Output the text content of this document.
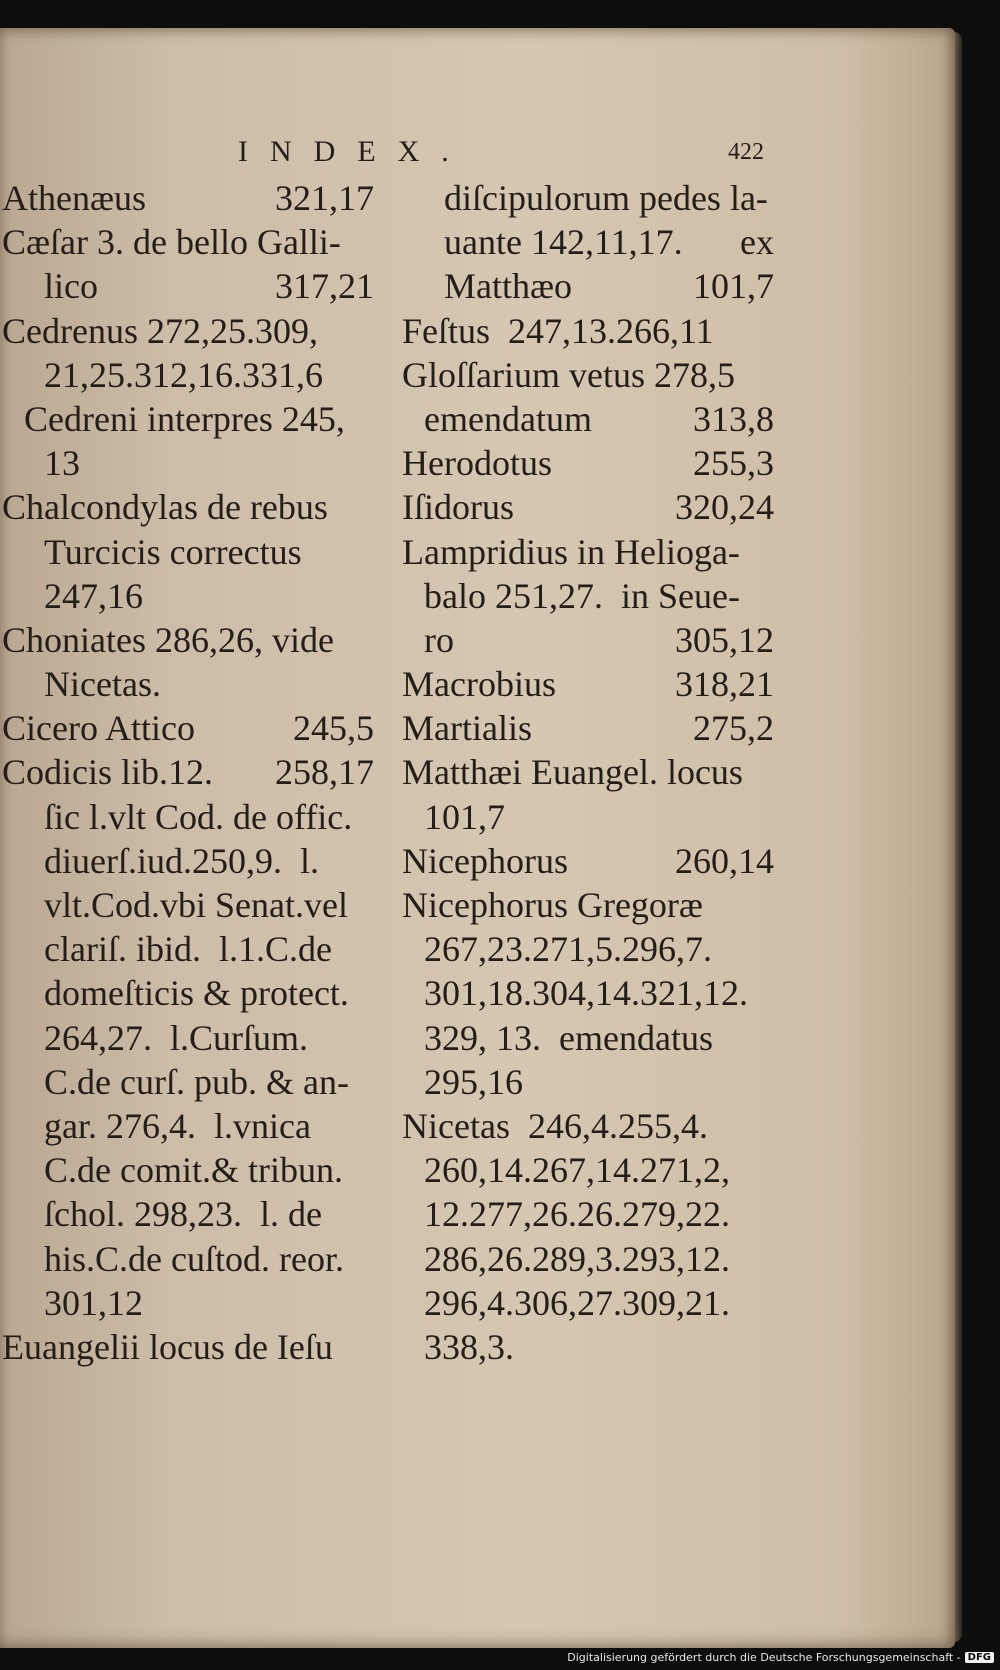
INDEX.	422
Athenæus	321,17
Cæſar 3. de bello Galli-
lico	317,21
Cedrenus 272,25.309,
21,25.312,16.331,6
Cedreni interpres 245,
13
Chalcondylas de rebus
Turcicis correctus
247,16
Choniates 286,26, vide
Nicetas.
Cicero Attico	245,5
Codicis lib.12. 258,17
ſic l.vlt Cod. de offic.
diuerſ.iud.250,9.  l.
vlt.Cod.vbi Senat.vel
clariſ. ibid.  l.1.C.de
domeſticis & protect.
264,27.  l.Curſum.
C.de curſ. pub. & an-
gar. 276,4.  l.vnica
C.de comit.& tribun.
ſchol. 298,23.  l. de
his.C.de cuſtod. reor.
301,12
Euangelii locus de Ieſu
diſcipulorum pedes la-
uante 142,11,17. ex
Matthæo	101,7
Feſtus  247,13.266,11
Gloſſarium vetus 278,5
emendatum	313,8
Herodotus	255,3
Iſidorus	320,24
Lampridius in Helioga-
balo 251,27.  in Seue-
ro	305,12
Macrobius	318,21
Martialis	275,2
Matthæi Euangel. locus
101,7
Nicephorus	260,14
Nicephorus Gregoræ
267,23.271,5.296,7.
301,18.304,14.321,12.
329, 13.  emendatus
295,16
Nicetas  246,4.255,4.
260,14.267,14.271,2,
12.277,26.26.279,22.
286,26.289,3.293,12.
296,4.306,27.309,21.
338,3.
Digitalisierung gefördert durch die Deutsche Forschungsgemeinschaft - DFG
